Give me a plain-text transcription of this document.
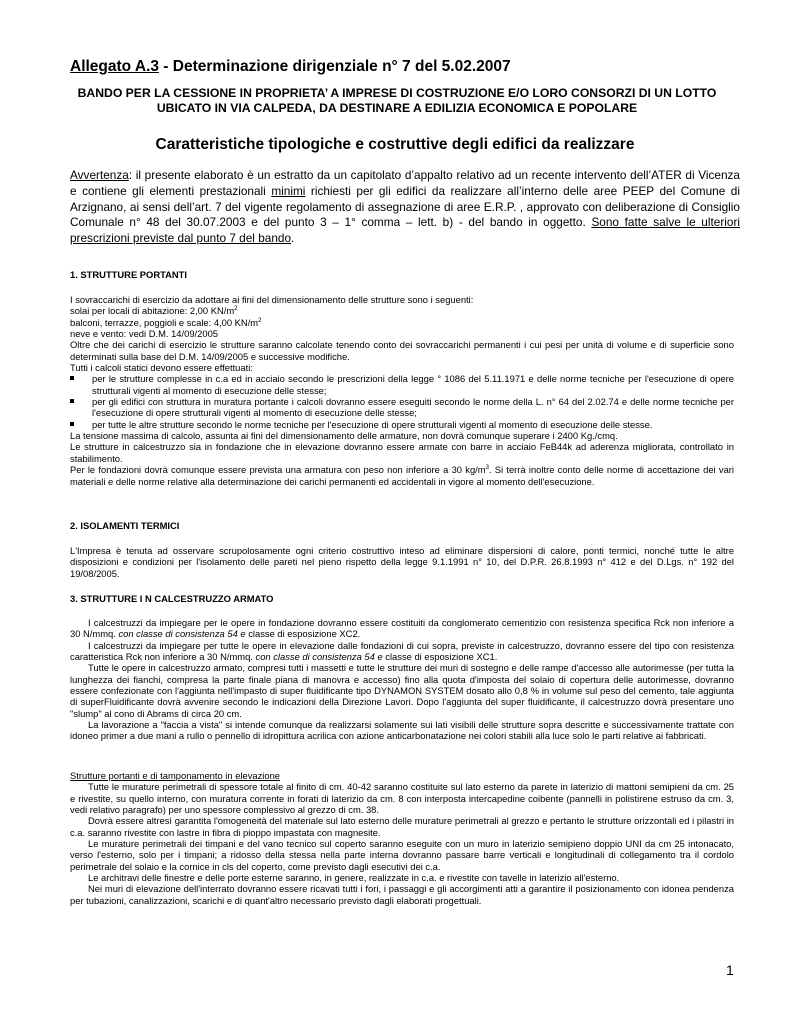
Allegato A.3 - Determinazione dirigenziale n° 7 del 5.02.2007
BANDO PER LA CESSIONE IN PROPRIETA’ A IMPRESE DI COSTRUZIONE E/O LORO CONSORZI DI UN LOTTO UBICATO IN VIA CALPEDA, DA DESTINARE A EDILIZIA ECONOMICA E POPOLARE
Caratteristiche tipologiche e costruttive degli edifici da realizzare
Avvertenza: il presente elaborato è un estratto da un capitolato d’appalto relativo ad un recente intervento dell’ATER di Vicenza e contiene gli elementi prestazionali minimi richiesti per gli edifici da realizzare all’interno delle aree PEEP del Comune di Arzignano, ai sensi dell’art. 7 del vigente regolamento di assegnazione di aree E.R.P. , approvato con deliberazione di Consiglio Comunale n° 48 del 30.07.2003 e del punto 3 – 1° comma – lett. b) - del bando in oggetto. Sono fatte salve le ulteriori prescrizioni previste dal punto 7 del bando.
1. STRUTTURE PORTANTI

I sovraccarichi di esercizio da adottare ai fini del dimensionamento delle strutture sono i seguenti:

solai per locali di abitazione: 2,00 $KN/m^2$

balconi, terrazze, poggioli e scale: 4,00 $KN/m^2$

neve e vento: vedi D.M. 14/09/2005

Oltre che dei carichi di esercizio le strutture saranno calcolate tenendo conto dei sovraccarichi permanenti i cui pesi per unità di volume e di superficie sono determinati sulla base del D.M. 14/09/2005 e successive modifiche.

Tutti i calcoli statici devono essere effettuati:

per le strutture complesse in c.a ed in acciaio secondo le prescrizioni della legge ° 1086 del 5.11.1971 e delle norme tecniche per l'esecuzione di opere strutturali vigenti al momento di esecuzione delle stesse;

per gli edifici con struttura in muratura portante i calcoli dovranno essere eseguiti secondo le norme della L. n° 64 del 2.02.74 e delle norme tecniche per l'esecuzione di opere strutturali vigenti al momento di esecuzione delle stesse;

per tutte le altre strutture secondo le norme tecniche per l'esecuzione di opere strutturali vigenti al momento di esecuzione delle stesse.

La tensione massima di calcolo, assunta ai fini del dimensionamento delle armature, non dovrà comunque superare i 2400 Kg./cmq.

Le strutture in calcestruzzo sia in fondazione che in elevazione dovranno essere armate con barre in acciaio FeB44k ad aderenza migliorata, controllato in stabilimento.

Per le fondazioni dovrà comunque essere prevista una armatura con peso non inferiore a 30 $kg/m^3$. Si terrà inoltre conto delle norme di accettazione dei vari materiali e delle norme relative alla determinazione dei carichi permanenti ed accidentali in vigore al momento dell'esecuzione.

2. ISOLAMENTI TERMICI

L'Impresa è tenuta ad osservare scrupolosamente ogni criterio costruttivo inteso ad eliminare dispersioni di calore, ponti termici, nonché tutte le altre disposizioni e condizioni per l'isolamento delle pareti nel pieno rispetto della legge 9.1.1991 n° 10, del D.P.R. 26.8.1993 n° 412 e del D.Lgs. n° 192 del 19/08/2005.

3. STRUTTURE I N CALCESTRUZZO ARMATO

I calcestruzzi da impiegare per le opere in fondazione dovranno essere costituiti da conglomerato cementizio con resistenza specifica Rck non inferiore a 30 N/mmq. con classe di consistenza 54 e classe di esposizione XC2.

I calcestruzzi da impiegare per tutte le opere in elevazione dalle fondazioni di cui sopra, previste in calcestruzzo, dovranno essere del tipo con resistenza caratteristica Rck non inferiore a 30 N/mmq. con classe di consistenza 54 e classe di esposizione XC1.

Tutte le opere in calcestruzzo armato, compresi tutti i massetti e tutte le strutture dei muri di sostegno e delle rampe d'accesso alle autorimesse (per tutta la lunghezza dei fianchi, compresa la parte finale piana di manovra e accesso) fino alla quota d'imposta del solaio di copertura delle autorimesse, dovranno essere confezionate con l'aggiunta nell'impasto di super fluidificante tipo DYNAMON SYSTEM dosato allo 0,8 % in volume sul peso del cemento, tale aggiunta di superFluidificante dovrà avvenire secondo le indicazioni della Direzione Lavori. Dopo l'aggiunta del super fluidificante, il calcestruzzo dovrà presentare uno "slump" al cono di Abrams di circa 20 cm.

La lavorazione a "faccia a vista" si intende comunque da realizzarsi solamente sui lati visibili delle strutture sopra descritte e successivamente trattate con idoneo primer a due mani a rullo o pennello di idropittura acrilica con azione anticarbonatazione nei colori stabili alla luce solo le parti relative ai fabbricati.

Strutture portanti e di tamponamento in elevazione

Tutte le murature perimetrali di spessore totale al finito di cm. 40-42 saranno costituite sul lato esterno da parete in laterizio di mattoni semipieni da cm. 25 e rivestite, su quello interno, con muratura corrente in forati di laterizio da cm. 8 con interposta intercapedine coibente (pannelli in polistirene estruso da cm. 3, vedi relativo paragrafo) per uno spessore complessivo al grezzo di cm. 38.

Dovrà essere altresì garantita l'omogeneità del materiale sul lato esterno delle murature perimetrali al grezzo e pertanto le strutture orizzontali ed i pilastri in c.a. saranno rivestite con lastre in fibra di pioppo impastata con magnesite.

Le murature perimetrali dei timpani e del vano tecnico sul coperto saranno eseguite con un muro in laterizio semipieno doppio UNI da cm 25 intonacato, verso l'esterno, solo per i timpani; a ridosso della stessa nella parte interna dovranno passare barre verticali e longitudinali di collegamento tra il cordolo perimetrale del solaio e la cornice in cls del coperto, come previsto dagli esecutivi dei c.a.

Le architravi delle finestre e delle porte esterne saranno, in genere, realizzate in c.a. e rivestite con tavelle in laterizio all'esterno.

Nei muri di elevazione dell'interrato dovranno essere ricavati tutti i fori, i passaggi e gli accorgimenti atti a garantire il posizionamento con idonea pendenza per tubazioni, canalizzazioni, scarichi e di quant'altro necessario previsto dagli elaborati progettuali.

1
